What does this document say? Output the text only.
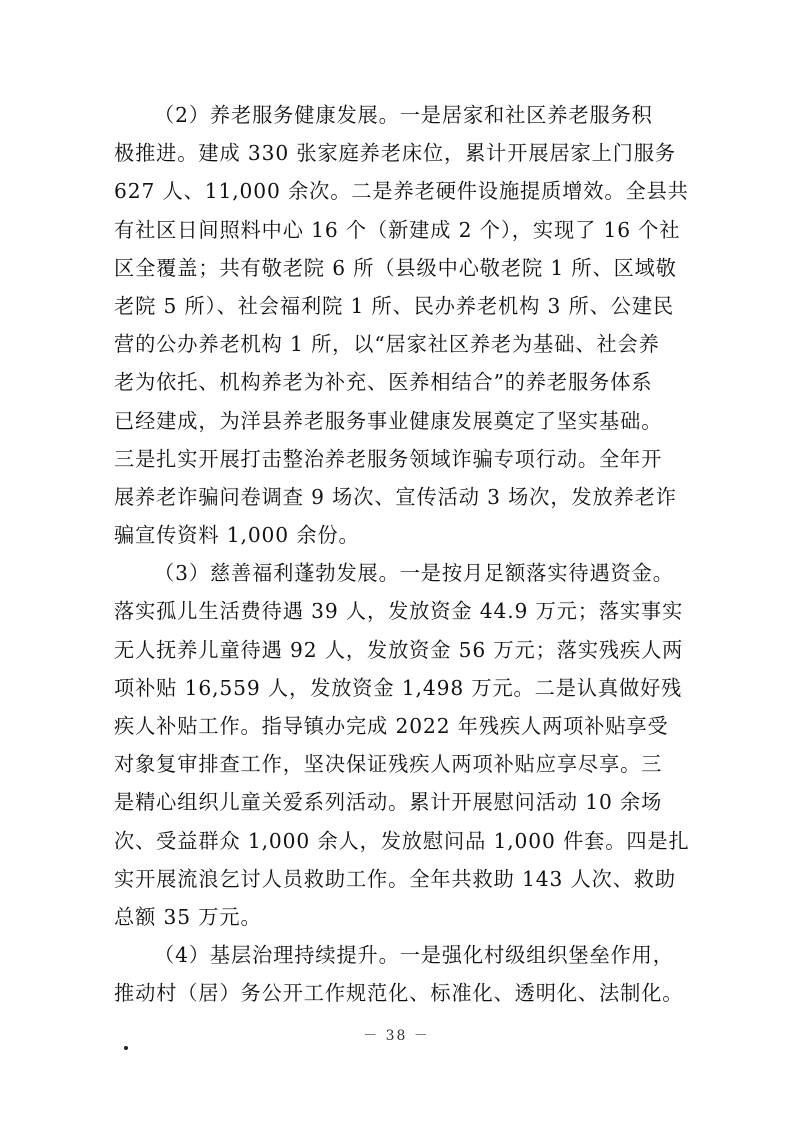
（2）养老服务健康发展。一是居家和社区养老服务积
极推进。建成 330 张家庭养老床位，累计开展居家上门服务
627 人、11,000 余次。二是养老硬件设施提质增效。全县共
有社区日间照料中心 16 个（新建成 2 个），实现了 16 个社
区全覆盖；共有敬老院 6 所（县级中心敬老院 1 所、区域敬
老院 5 所）、社会福利院 1 所、民办养老机构 3 所、公建民
营的公办养老机构 1 所，以“居家社区养老为基础、社会养
老为依托、机构养老为补充、医养相结合”的养老服务体系
已经建成，为洋县养老服务事业健康发展奠定了坚实基础。
三是扎实开展打击整治养老服务领域诈骗专项行动。全年开
展养老诈骗问卷调查 9 场次、宣传活动 3 场次，发放养老诈
骗宣传资料 1,000 余份。
（3）慈善福利蓬勃发展。一是按月足额落实待遇资金。
落实孤儿生活费待遇 39 人，发放资金 44.9 万元；落实事实
无人抚养儿童待遇 92 人，发放资金 56 万元；落实残疾人两
项补贴 16,559 人，发放资金 1,498 万元。二是认真做好残
疾人补贴工作。指导镇办完成 2022 年残疾人两项补贴享受
对象复审排查工作，坚决保证残疾人两项补贴应享尽享。三
是精心组织儿童关爱系列活动。累计开展慰问活动 10 余场
次、受益群众 1,000 余人，发放慰问品 1,000 件套。四是扎
实开展流浪乞讨人员救助工作。全年共救助 143 人次、救助
总额 35 万元。
（4）基层治理持续提升。一是强化村级组织堡垒作用，
推动村（居）务公开工作规范化、标准化、透明化、法制化。
－ 38 －
